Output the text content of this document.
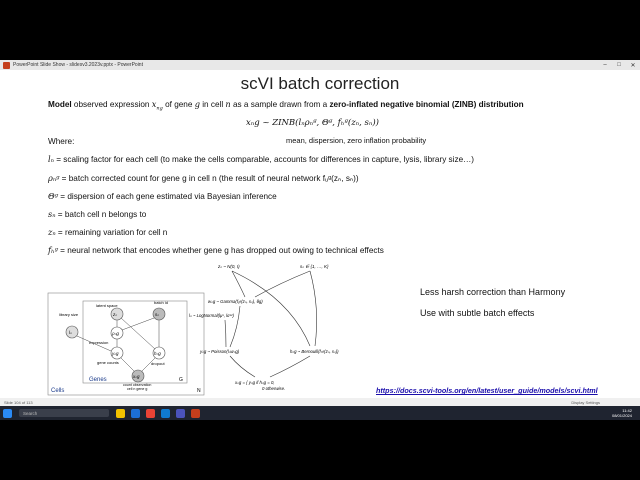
PowerPoint Slide Show - slidesv3.2023v.pptx - PowerPoint	–	□	✕
scVI batch correction
Model observed expression $x_{ng}$ of gene g in cell n as a sample drawn from a zero-inflated negative binomial (ZINB) distribution
xₙg ~ ZINB(lₙρₙᵍ, Θᵍ, fₕᵍ(zₙ, sₙ))
mean, dispersion, zero inflation probability
Where:
lₙ = scaling factor for each cell (to make the cells comparable, accounts for differences in capture, lysis, library size…)
ρₙᵍ = batch corrected count for gene g in cell n (the result of neural network fᵤᵍ(zₙ, sₙ))
Θᵍ = dispersion of each gene estimated via Bayesian inference
sₙ = batch cell n belongs to
zₙ = remaining variation for cell n
fₕᵍ = neural network that encodes whether gene g has dropped out owing to technical effects
latent space
batch id
library size	zₙ	sₙ
lₙ	ρₙg
expression
yₙg
gene counts
hₙg
dropout
xₙg
count observation
cell n gene g
Genes	G
Cells	N
zₙ ~ N(0, I)	sₙ ∈ {1, …, K}
wₙg ~ Gamma(fᵤᵍ(zₙ, sₙ), θg)
lₙ ~ LogNormal(lμˢ, lσˢ²)
yₙg ~ Poisson(lₙwₙg)	hₙg ~ Bernoulli(fₕᵍ(zₙ, sₙ))
xₙg = { yₙg if hₙg = 0,
0 otherwise.
Less harsh correction than Harmony
Use with subtle batch effects
https://docs.scvi-tools.org/en/latest/user_guide/models/scvi.html
Slide 104 of 113	Display Settings
Search	11:42
08/01/2024
